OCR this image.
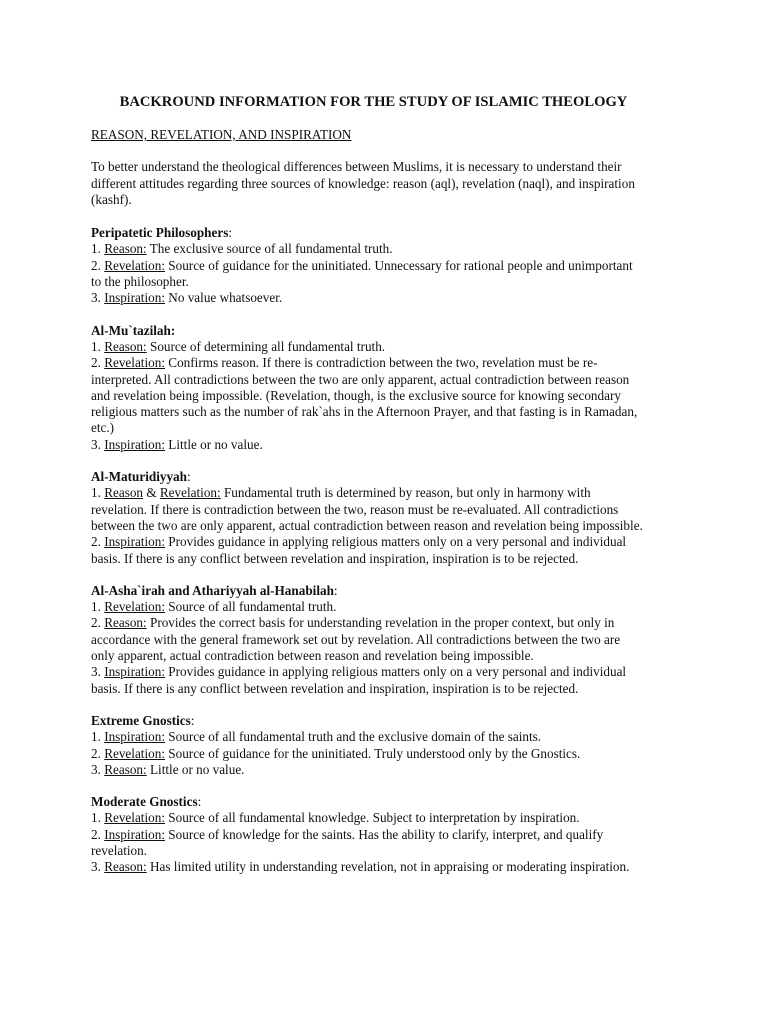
BACKROUND INFORMATION FOR THE STUDY OF ISLAMIC THEOLOGY
REASON, REVELATION, AND INSPIRATION
To better understand the theological differences between Muslims, it is necessary to understand their different attitudes regarding three sources of knowledge: reason (aql), revelation (naql), and inspiration (kashf).
Peripatetic Philosophers:
1. Reason: The exclusive source of all fundamental truth.
2. Revelation: Source of guidance for the uninitiated. Unnecessary for rational people and unimportant to the philosopher.
3. Inspiration: No value whatsoever.
Al-Mu`tazilah:
1. Reason: Source of determining all fundamental truth.
2. Revelation: Confirms reason. If there is contradiction between the two, revelation must be re-interpreted. All contradictions between the two are only apparent, actual contradiction between reason and revelation being impossible. (Revelation, though, is the exclusive source for knowing secondary religious matters such as the number of rak`ahs in the Afternoon Prayer, and that fasting is in Ramadan, etc.)
3. Inspiration: Little or no value.
Al-Maturidiyyah:
1. Reason & Revelation: Fundamental truth is determined by reason, but only in harmony with revelation. If there is contradiction between the two, reason must be re-evaluated. All contradictions between the two are only apparent, actual contradiction between reason and revelation being impossible.
2. Inspiration: Provides guidance in applying religious matters only on a very personal and individual basis. If there is any conflict between revelation and inspiration, inspiration is to be rejected.
Al-Asha`irah and Athariyyah al-Hanabilah:
1. Revelation: Source of all fundamental truth.
2. Reason: Provides the correct basis for understanding revelation in the proper context, but only in accordance with the general framework set out by revelation. All contradictions between the two are only apparent, actual contradiction between reason and revelation being impossible.
3. Inspiration: Provides guidance in applying religious matters only on a very personal and individual basis. If there is any conflict between revelation and inspiration, inspiration is to be rejected.
Extreme Gnostics:
1. Inspiration: Source of all fundamental truth and the exclusive domain of the saints.
2. Revelation: Source of guidance for the uninitiated. Truly understood only by the Gnostics.
3. Reason: Little or no value.
Moderate Gnostics:
1. Revelation: Source of all fundamental knowledge. Subject to interpretation by inspiration.
2. Inspiration: Source of knowledge for the saints. Has the ability to clarify, interpret, and qualify revelation.
3. Reason: Has limited utility in understanding revelation, not in appraising or moderating inspiration.
